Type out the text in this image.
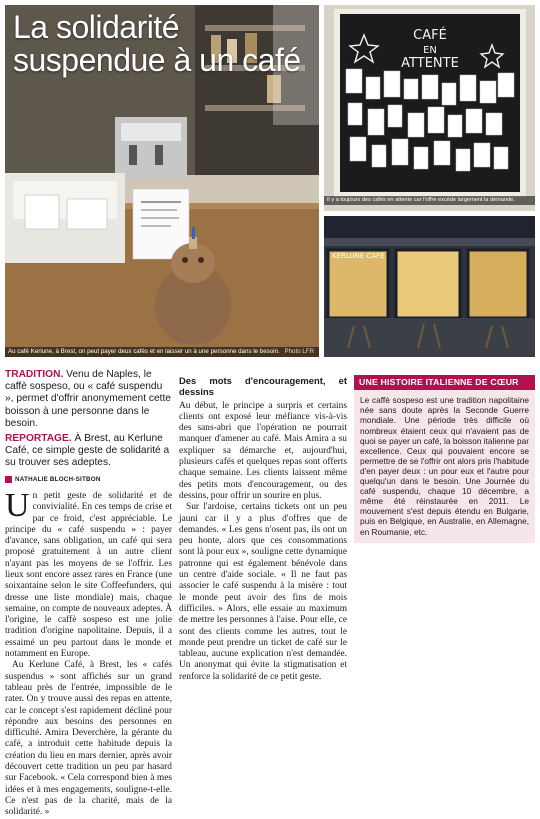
La solidarité suspendue à un café
Au café Kerlune, à Brest, on peut payer deux cafés et en laisser un à une personne dans le besoin. Photo LFR
CAFÉ
EN
ATTENTE
Il y a toujours des cafés en attente car l'offre excède largement la demande.
KERLUNE CAFÉ

TRADITION. Venu de Naples, le caffè sospeso, ou « café suspendu », permet d'offrir anonymement cette boisson à une personne dans le besoin.

REPORTAGE. À Brest, au Kerlune Café, ce simple geste de solidarité a su trouver ses adeptes.

NATHALIE BLOCH-SITBON

Un petit geste de solidarité et de convivialité. En ces temps de crise et par ce froid, c'est appréciable. Le principe du « café suspendu » : payer d'avance, sans obligation, un café qui sera proposé gratuitement à un autre client n'ayant pas les moyens de se l'offrir. Les lieux sont encore assez rares en France (une soixantaine selon le site Coffeefunders, qui dresse une liste mondiale) mais, chaque semaine, on compte de nouveaux adeptes. À l'origine, le caffè sospeso est une jolie tradition d'origine napolitaine. Depuis, il a essaimé un peu partout dans le monde et notamment en Europe.

Au Kerlune Café, à Brest, les « cafés suspendus » sont affichés sur un grand tableau près de l'entrée, impossible de le rater. On y trouve aussi des repas en attente, car le concept s'est rapidement décliné pour répondre aux besoins des personnes en difficulté. Amira Deverchère, la gérante du café, a introduit cette habitude depuis la création du lieu en mars dernier, après avoir découvert cette tradition un peu par hasard sur Facebook. « Cela correspond bien à mes idées et à mes engagements, souligne-t-elle. Ce n'est pas de la charité, mais de la solidarité. »

Des mots d'encouragement, et dessins

Au début, le principe a surpris et certains clients ont exposé leur méfiance vis-à-vis des sans-abri que l'opération ne pourrait manquer d'amener au café. Mais Amira a su expliquer sa démarche et, aujourd'hui, plusieurs cafés et quelques repas sont offerts chaque semaine. Les clients laissent même des petits mots d'encouragement, ou des dessins, pour offrir un sourire en plus.

Sur l'ardoise, certains tickets ont un peu jauni car il y a plus d'offres que de demandes. « Les gens n'osent pas, ils ont un peu honte, alors que ces consommations sont là pour eux », souligne cette dynamique patronne qui est également bénévole dans un centre d'aide sociale. « Il ne faut pas associer le café suspendu à la misère : tout le monde peut avoir des fins de mois difficiles. » Alors, elle essaie au maximum de mettre les personnes à l'aise. Pour elle, ce sont des clients comme les autres, tout le monde peut prendre un ticket de café sur le tableau, aucune explication n'est demandée. Un anonymat qui évite la stigmatisation et renforce la solidarité de ce petit geste.

UNE HISTOIRE ITALIENNE DE CŒUR

Le caffè sospeso est une tradition napolitaine née sans doute après la Seconde Guerre mondiale. Une période très difficile où nombreux étaient ceux qui n'avaient pas de quoi se payer un café, la boisson italienne par excellence. Ceux qui pouvaient encore se permettre de se l'offrir ont alors pris l'habitude d'en payer deux : un pour eux et l'autre pour quelqu'un dans le besoin. Une Journée du café suspendu, chaque 10 décembre, a même été réinstaurée en 2011. Le mouvement s'est depuis étendu en Bulgarie, puis en Belgique, en Australie, en Allemagne, en Roumanie, etc.
